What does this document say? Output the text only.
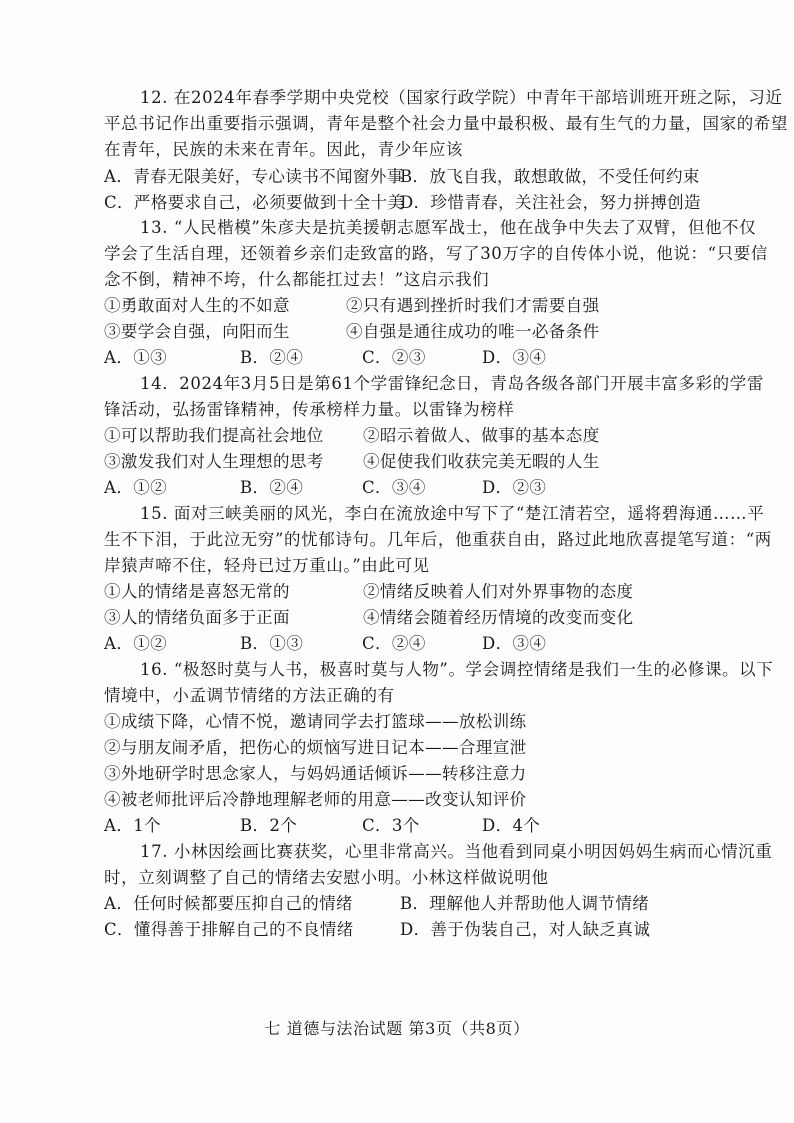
12. 在2024年春季学期中央党校（国家行政学院）中青年干部培训班开班之际，习近
平总书记作出重要指示强调，青年是整个社会力量中最积极、最有生气的力量，国家的希望
在青年，民族的未来在青年。因此，青少年应该
A．青春无限美好，专心读书不闻窗外事
B．放飞自我，敢想敢做，不受任何约束
C．严格要求自己，必须要做到十全十美
D．珍惜青春，关注社会，努力拼搏创造
13. “人民楷模”朱彦夫是抗美援朝志愿军战士，他在战争中失去了双臂，但他不仅
学会了生活自理，还领着乡亲们走致富的路，写了30万字的自传体小说，他说：“只要信
念不倒，精神不垮，什么都能扛过去！”这启示我们
①勇敢面对人生的不如意	②只有遇到挫折时我们才需要自强
③要学会自强，向阳而生	④自强是通往成功的唯一必备条件
A．①③	B．②④	C．②③	D．③④
14．2024年3月5日是第61个学雷锋纪念日，青岛各级各部门开展丰富多彩的学雷
锋活动，弘扬雷锋精神，传承榜样力量。以雷锋为榜样
①可以帮助我们提高社会地位 ②昭示着做人、做事的基本态度
③激发我们对人生理想的思考 ④促使我们收获完美无暇的人生
A．①②	B．②④	C．③④	D．②③
15. 面对三峡美丽的风光，李白在流放途中写下了“楚江清若空，遥将碧海通……平
生不下泪，于此泣无穷”的忧郁诗句。几年后，他重获自由，路过此地欣喜提笔写道：“两
岸猿声啼不住，轻舟已过万重山。”由此可见
①人的情绪是喜怒无常的	②情绪反映着人们对外界事物的态度
③人的情绪负面多于正面	④情绪会随着经历情境的改变而变化
A．①②	B．①③	C．②④	D．③④
16. “极怒时莫与人书，极喜时莫与人物”。学会调控情绪是我们一生的必修课。以下
情境中，小孟调节情绪的方法正确的有
①成绩下降，心情不悦，邀请同学去打篮球——放松训练
②与朋友闹矛盾，把伤心的烦恼写进日记本——合理宣泄
③外地研学时思念家人，与妈妈通话倾诉——转移注意力
④被老师批评后冷静地理解老师的用意——改变认知评价
A．1个	B．2个	C．3个	D．4个
17. 小林因绘画比赛获奖，心里非常高兴。当他看到同桌小明因妈妈生病而心情沉重
时，立刻调整了自己的情绪去安慰小明。小林这样做说明他
A．任何时候都要压抑自己的情绪	B．理解他人并帮助他人调节情绪
C．懂得善于排解自己的不良情绪	D．善于伪装自己，对人缺乏真诚
七 道德与法治试题 第3页（共8页）
